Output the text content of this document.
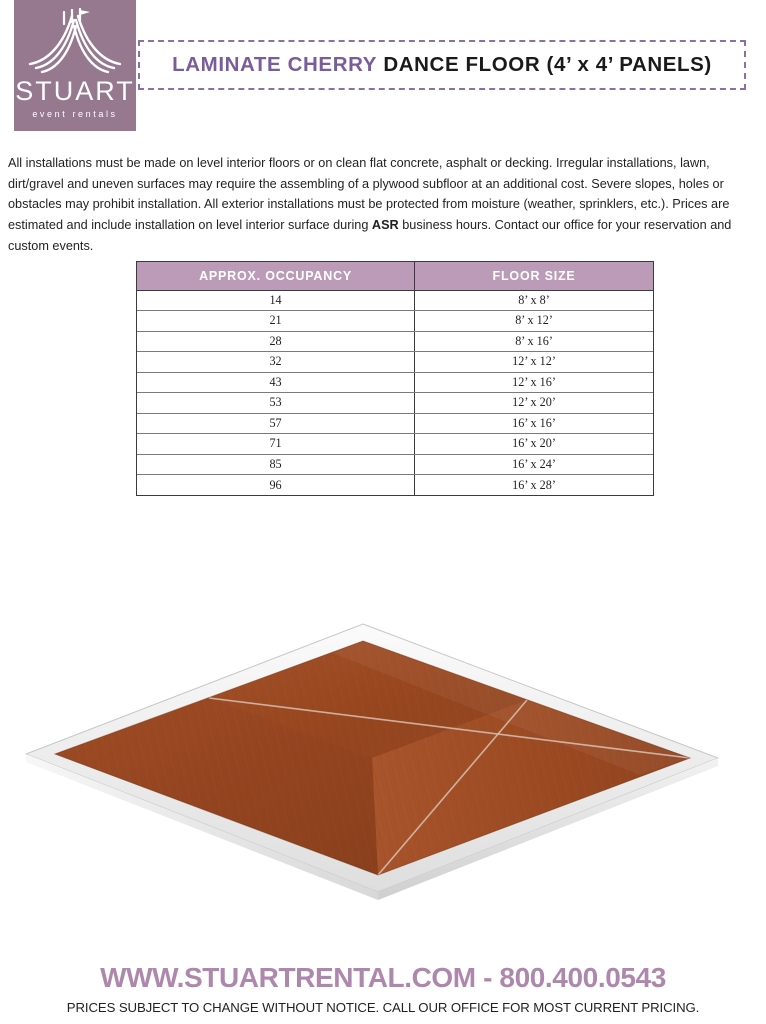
STUART
event rentals
LAMINATE CHERRY
DANCE FLOOR (4’ x 4’ PANELS)

All installations must be made on level interior floors or on clean flat concrete, asphalt or decking. Irregular installations, lawn, dirt/gravel and uneven surfaces may require the assembling of a plywood subfloor at an additional cost. Severe slopes, holes or obstacles may prohibit installation. All exterior installations must be protected from moisture (weather, sprinklers, etc.). Prices are estimated and include installation on level interior surface during ASR business hours. Contact our office for your reservation and custom events.

APPROX. OCCUPANCY	FLOOR SIZE
14	8’ x 8’
21	8’ x 12’
28	8’ x 16’
32	12’ x 12’
43	12’ x 16’
53	12’ x 20’
57	16’ x 16’
71	16’ x 20’
85	16’ x 24’
96	16’ x 28’
WWW.STUARTRENTAL.COM - 800.400.0543
PRICES SUBJECT TO CHANGE WITHOUT NOTICE. CALL OUR OFFICE FOR MOST CURRENT PRICING.
